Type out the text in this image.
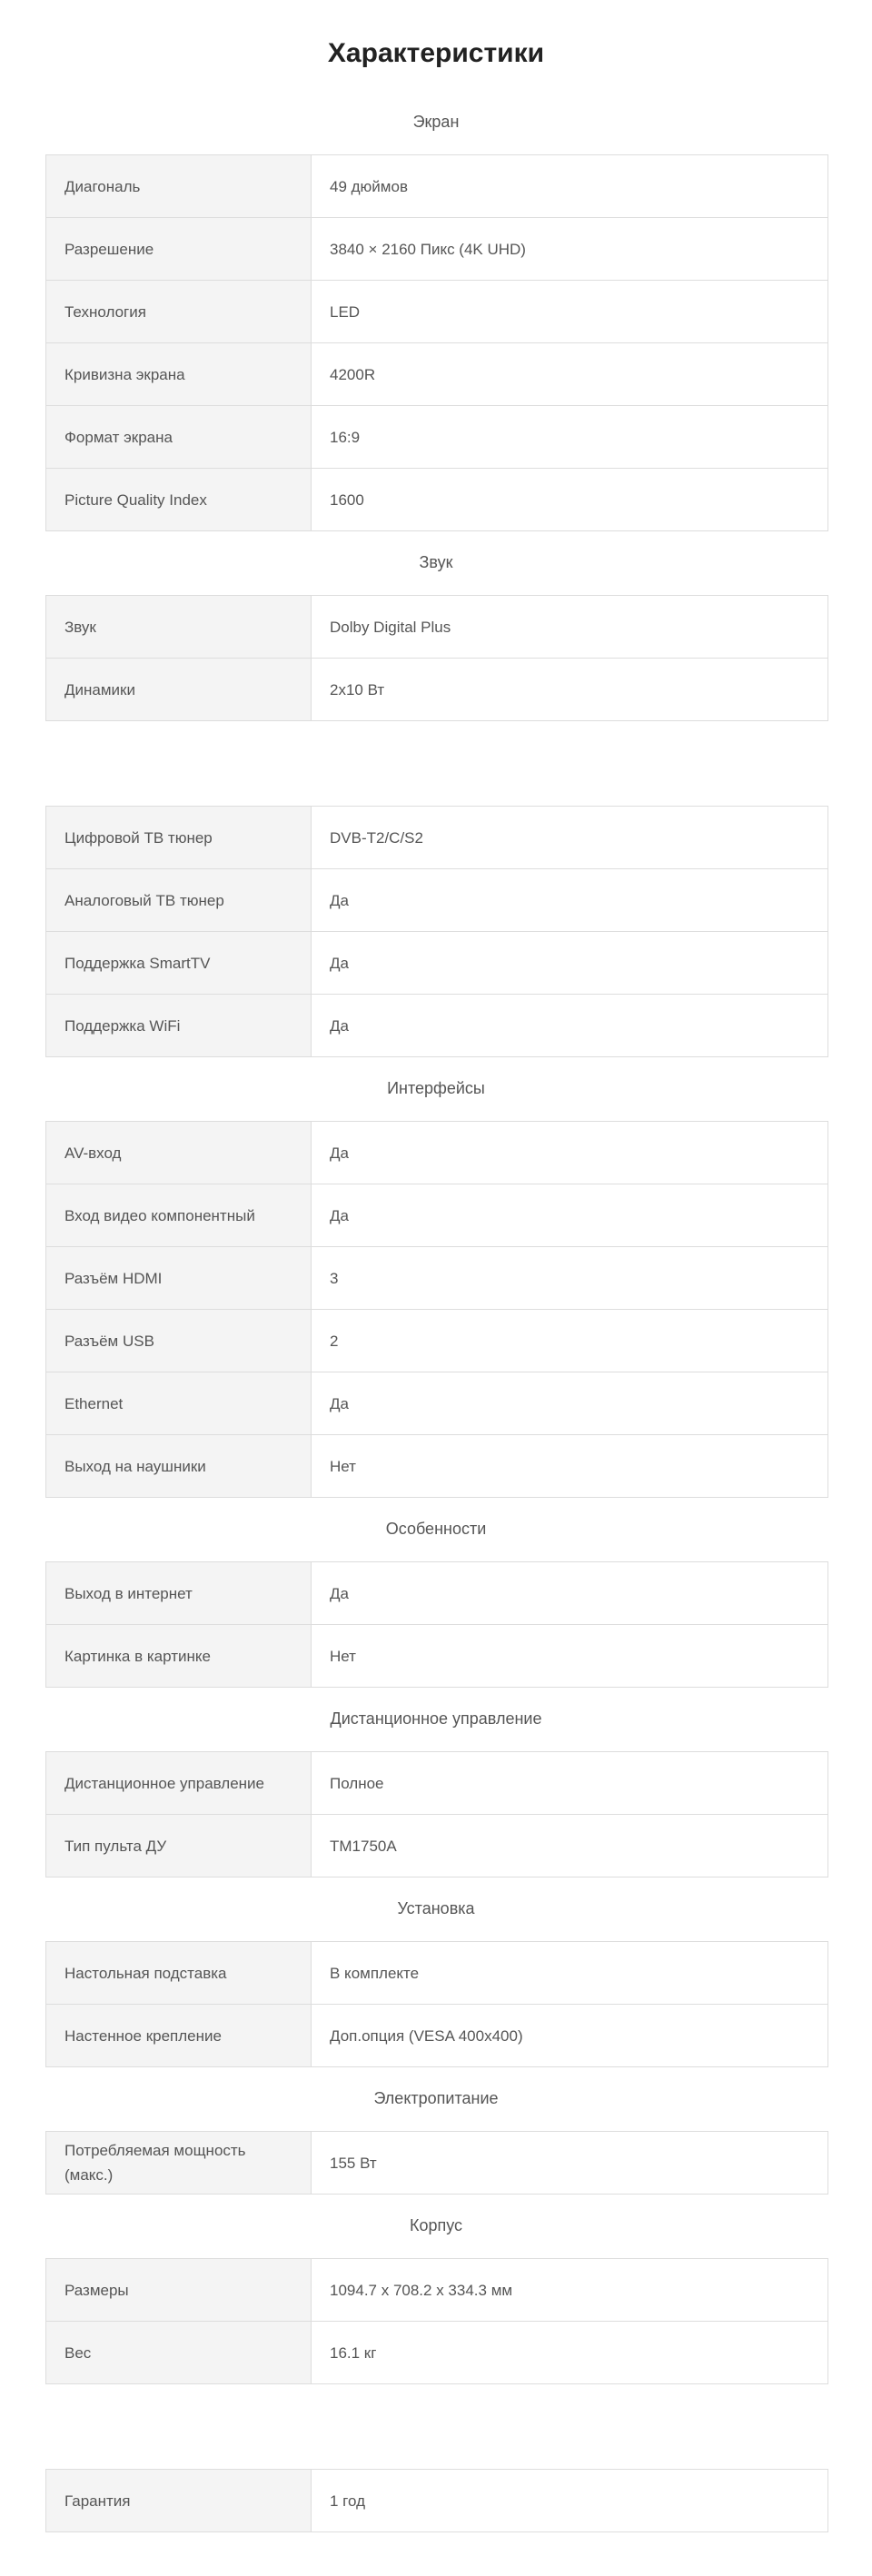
Характеристики
Экран
Диагональ	49 дюймов
Разрешение	3840 × 2160 Пикс (4K UHD)
Технология	LED
Кривизна экрана	4200R
Формат экрана	16:9
Picture Quality Index	1600
Звук
Звук	Dolby Digital Plus
Динамики	2x10 Вт
Цифровой ТВ тюнер	DVB-T2/C/S2
Аналоговый ТВ тюнер	Да
Поддержка SmartTV	Да
Поддержка WiFi	Да
Интерфейсы
AV-вход	Да
Вход видео компонентный	Да
Разъём HDMI	3
Разъём USB	2
Ethernet	Да
Выход на наушники	Нет
Особенности
Выход в интернет	Да
Картинка в картинке	Нет
Дистанционное управление
Дистанционное управление	Полное
Тип пульта ДУ	TM1750A
Установка
Настольная подставка	В комплекте
Настенное крепление	Доп.опция (VESA 400x400)
Электропитание
Потребляемая мощность (макс.)	155 Вт
Корпус
Размеры	1094.7 x 708.2 x 334.3 мм
Вес	16.1 кг
Гарантия	1 год
